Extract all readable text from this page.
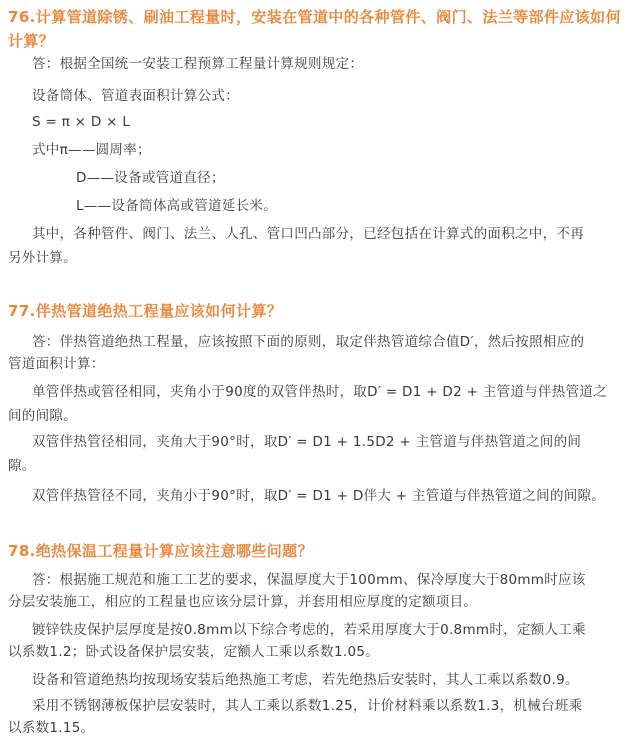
76.计算管道除锈、刷油工程量时，安装在管道中的各种管件、阀门、法兰等部件应该如何
计算？
答：根据全国统一安装工程预算工程量计算规则规定：
设备筒体、管道表面积计算公式：
S = π × D × L
式中π——圆周率；
D——设备或管道直径；
L——设备筒体高或管道延长米。
其中，各种管件、阀门、法兰、人孔、管口凹凸部分，已经包括在计算式的面积之中，不再
另外计算。
77.伴热管道绝热工程量应该如何计算？
答：伴热管道绝热工程量，应该按照下面的原则，取定伴热管道综合值D′，然后按照相应的
管道面积计算：
单管伴热或管径相同，夹角小于90度的双管伴热时，取D′ = D1 + D2 + 主管道与伴热管道之
间的间隙。
双管伴热管径相同，夹角大于90°时，取D′ = D1 + 1.5D2 + 主管道与伴热管道之间的间
隙。
双管伴热管径不同，夹角小于90°时，取D′ = D1 + D伴大 + 主管道与伴热管道之间的间隙。
78.绝热保温工程量计算应该注意哪些问题？
答：根据施工规范和施工工艺的要求，保温厚度大于100mm、保冷厚度大于80mm时应该
分层安装施工，相应的工程量也应该分层计算，并套用相应厚度的定额项目。
镀锌铁皮保护层厚度是按0.8mm以下综合考虑的，若采用厚度大于0.8mm时，定额人工乘
以系数1.2；卧式设备保护层安装，定额人工乘以系数1.05。
设备和管道绝热均按现场安装后绝热施工考虑，若先绝热后安装时，其人工乘以系数0.9。
采用不锈钢薄板保护层安装时，其人工乘以系数1.25，计价材料乘以系数1.3，机械台班乘
以系数1.15。
